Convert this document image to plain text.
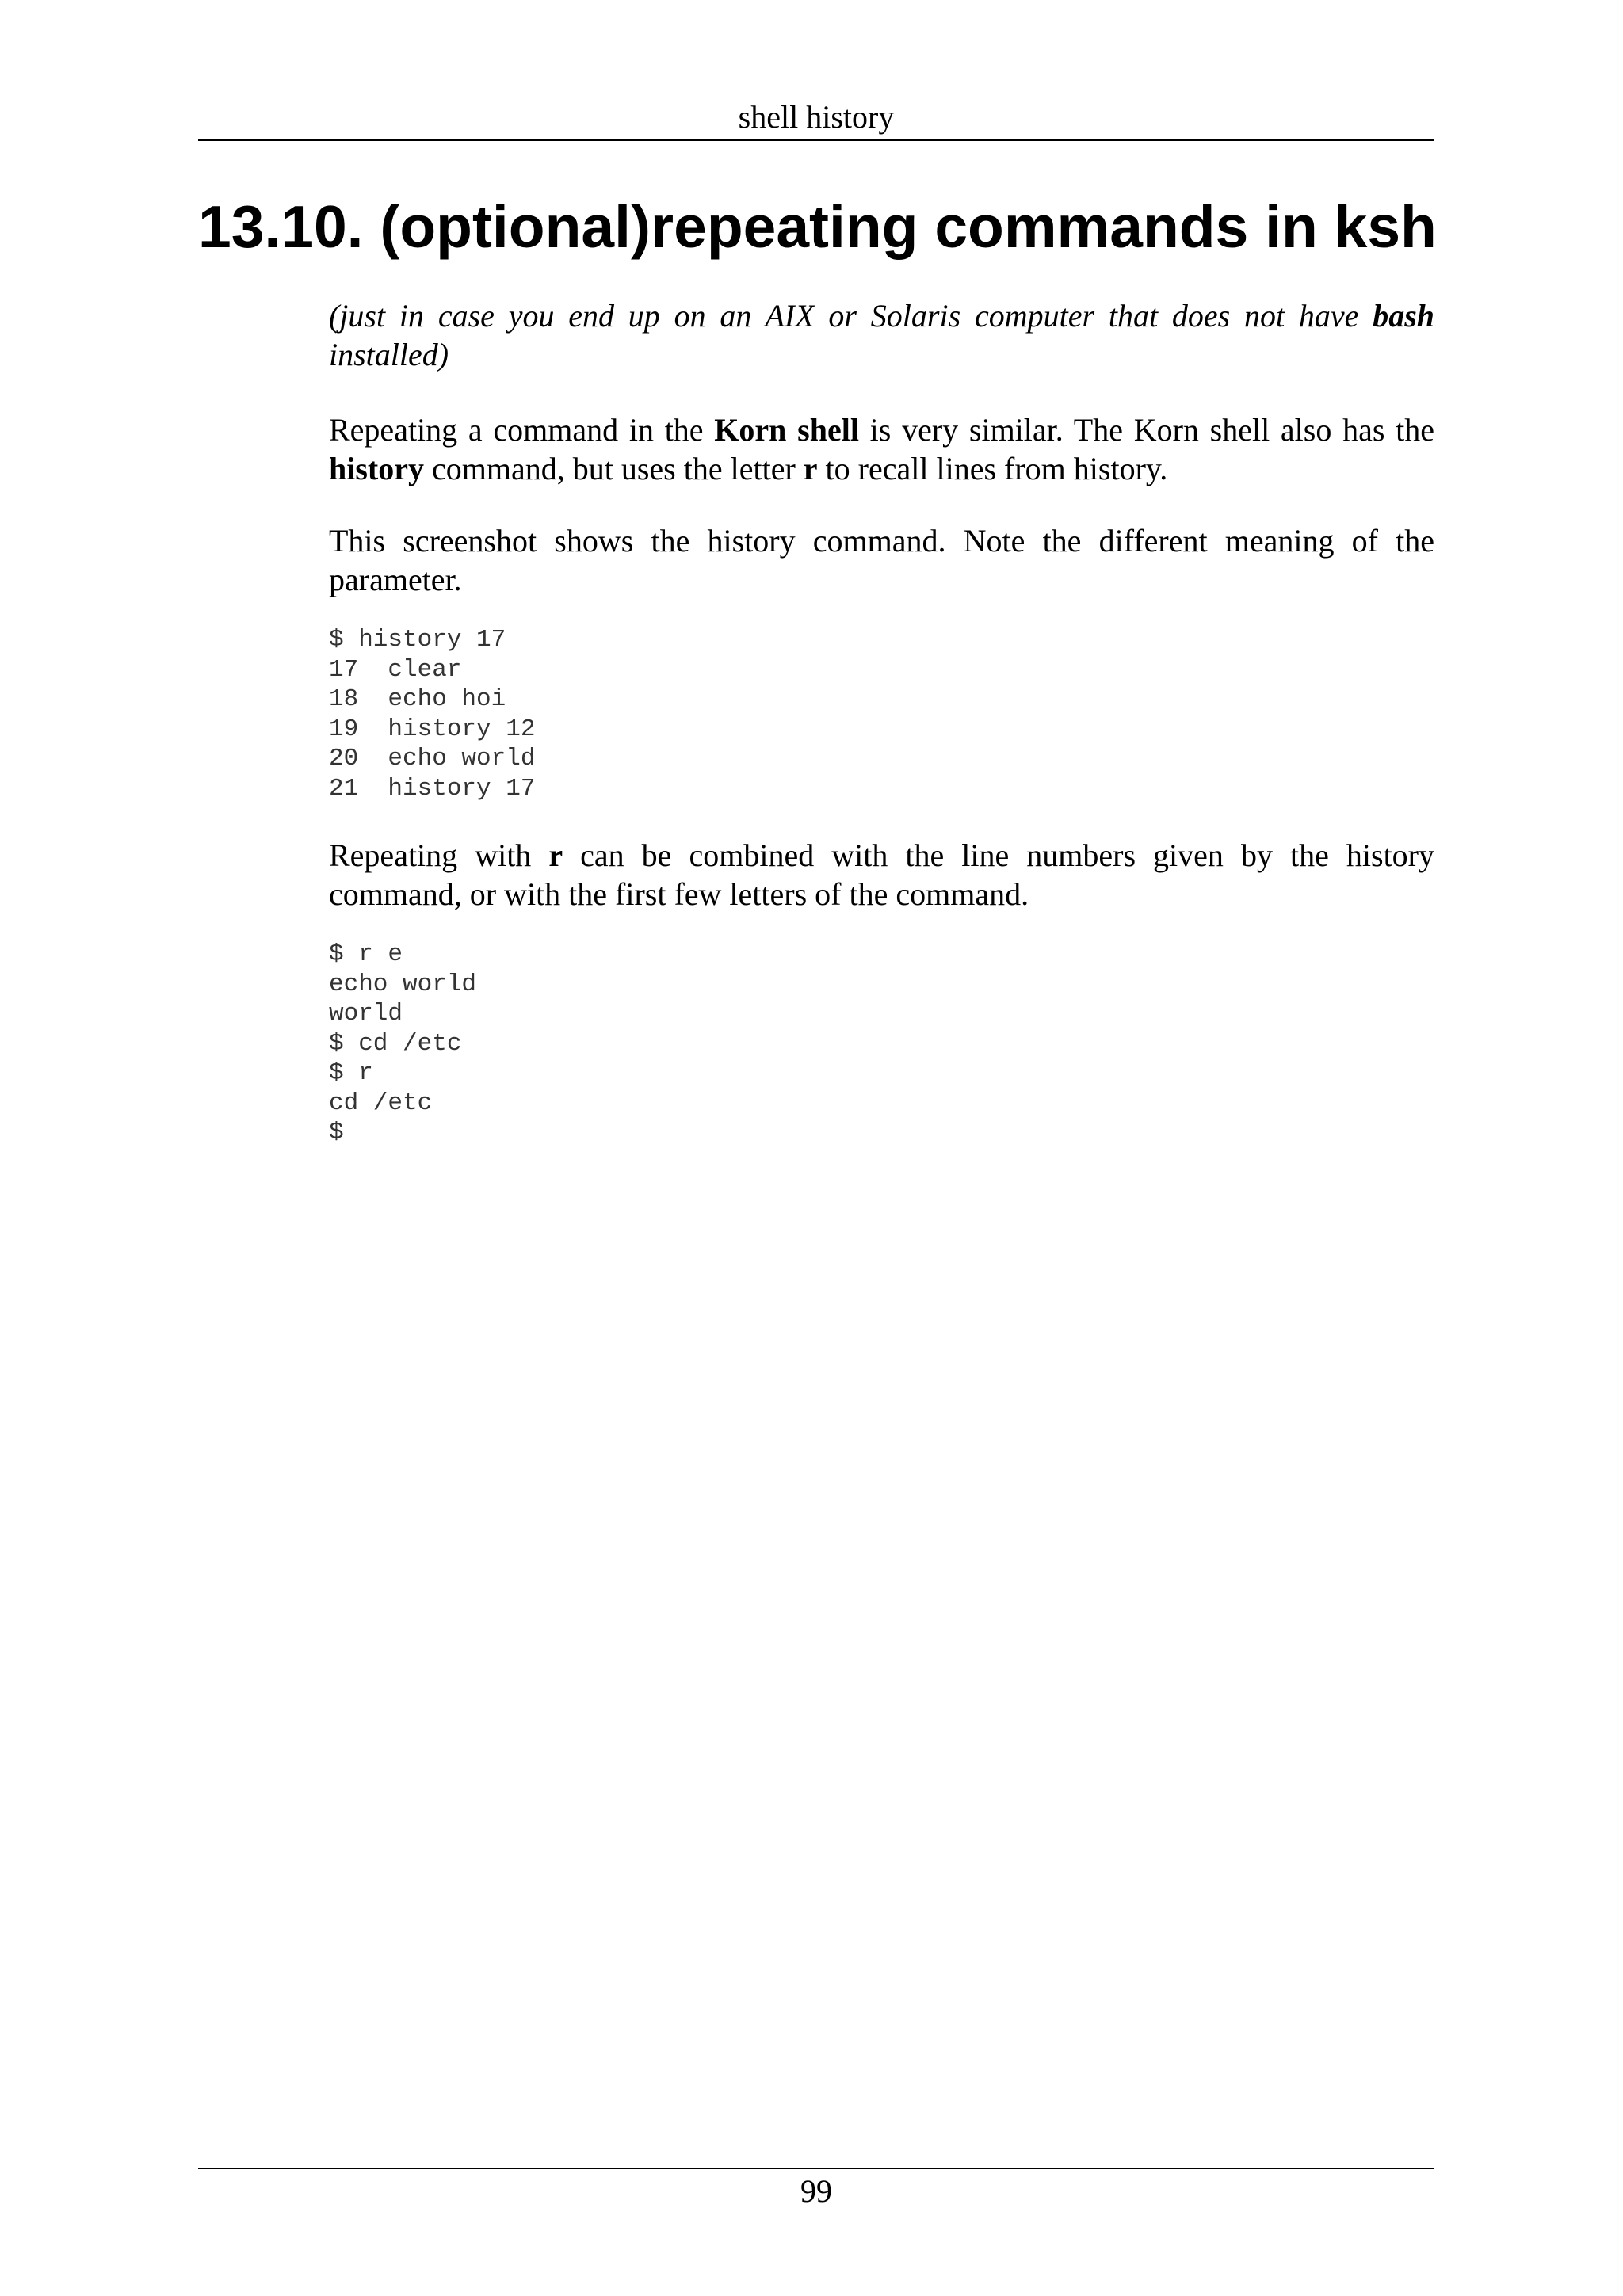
shell history
13.10. (optional)repeating commands in ksh

(just in case you end up on an AIX or Solaris computer that does not have bash installed)

Repeating a command in the Korn shell is very similar. The Korn shell also has the history command, but uses the letter r to recall lines from history.

This screenshot shows the history command. Note the different meaning of the parameter.

$ history 17
17  clear
18  echo hoi
19  history 12
20  echo world
21  history 17

Repeating with r can be combined with the line numbers given by the history command, or with the first few letters of the command.

$ r e
echo world
world
$ cd /etc
$ r
cd /etc
$
99
